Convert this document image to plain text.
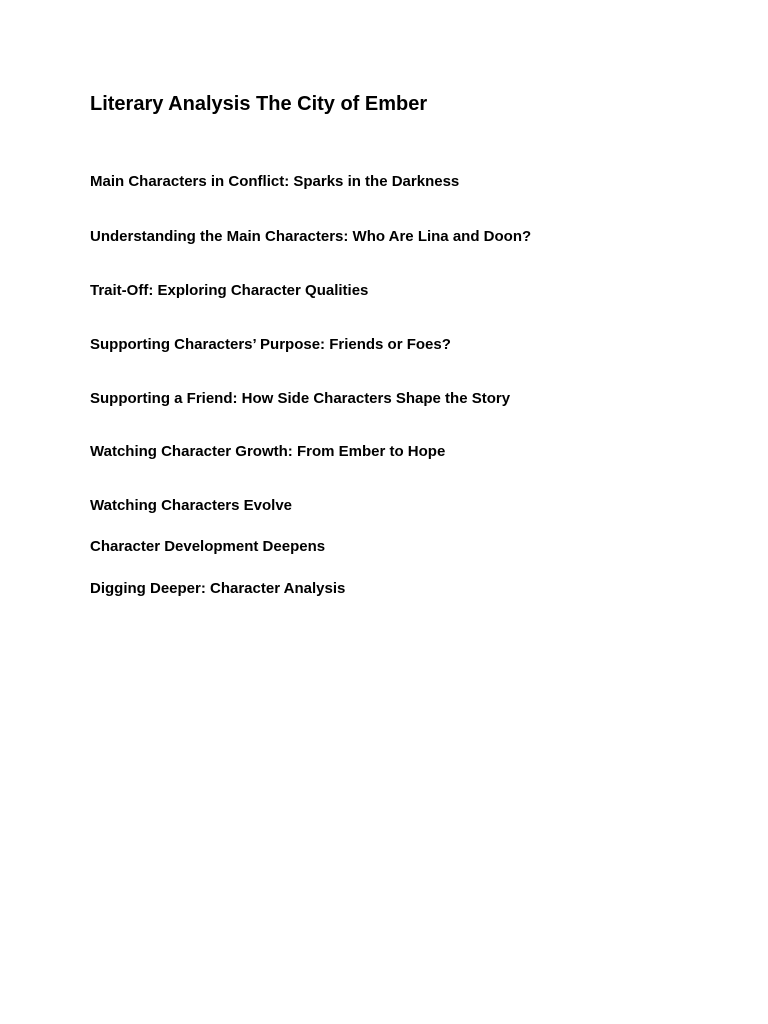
Literary Analysis The City of Ember
Main Characters in Conflict: Sparks in the Darkness
Understanding the Main Characters: Who Are Lina and Doon?
Trait-Off: Exploring Character Qualities
Supporting Characters’ Purpose: Friends or Foes?
Supporting a Friend: How Side Characters Shape the Story
Watching Character Growth: From Ember to Hope
Watching Characters Evolve
Character Development Deepens
Digging Deeper: Character Analysis
